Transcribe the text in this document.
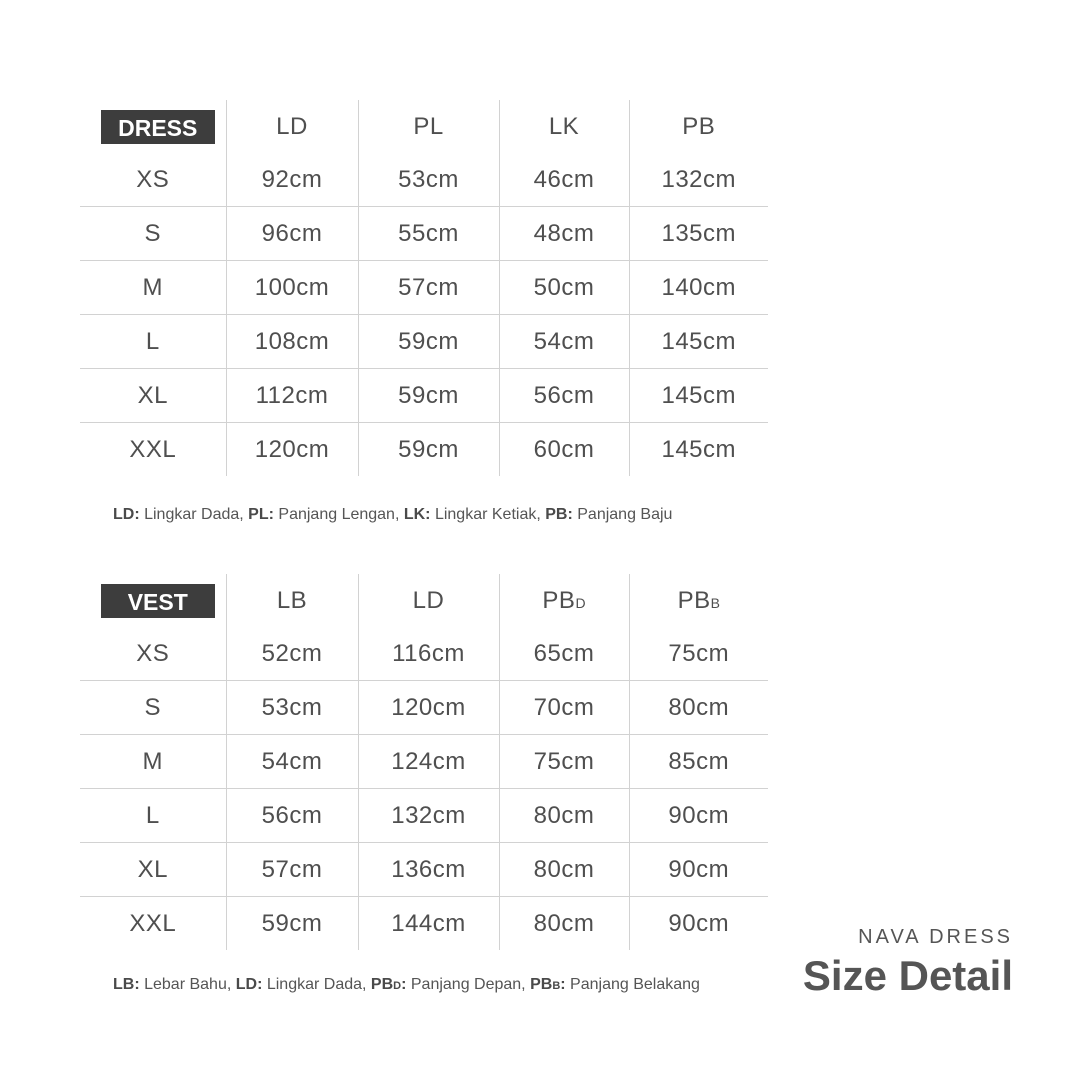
DRESS	LD	PL	LK	PB
XS	92cm	53cm	46cm	132cm
S	96cm	55cm	48cm	135cm
M	100cm	57cm	50cm	140cm
L	108cm	59cm	54cm	145cm
XL	112cm	59cm	56cm	145cm
XXL	120cm	59cm	60cm	145cm
LD: Lingkar Dada, PL: Panjang Lengan, LK: Lingkar Ketiak, PB: Panjang Baju
VEST	LB	LD	PBD	PBB
XS	52cm	116cm	65cm	75cm
S	53cm	120cm	70cm	80cm
M	54cm	124cm	75cm	85cm
L	56cm	132cm	80cm	90cm
XL	57cm	136cm	80cm	90cm
XXL	59cm	144cm	80cm	90cm
LB: Lebar Bahu, LD: Lingkar Dada, PBD: Panjang Depan, PBB: Panjang Belakang
NAVA DRESS
Size Detail
